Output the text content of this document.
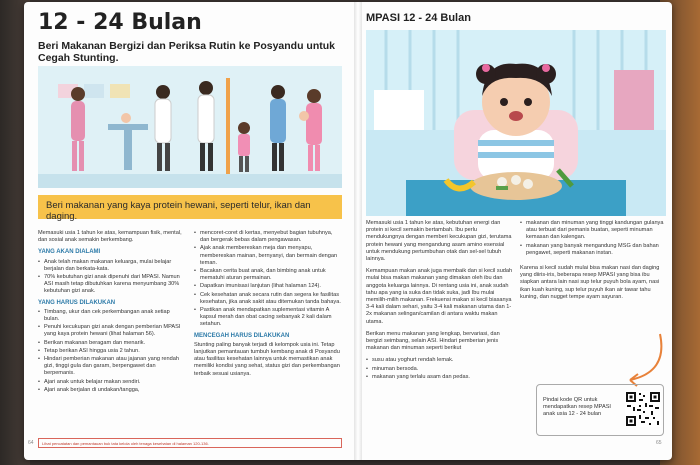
12 - 24 Bulan
Beri Makanan Bergizi dan Periksa Rutin ke Posyandu untuk Cegah Stunting.
Beri makanan yang kaya protein hewani, seperti telur, ikan dan daging.

Memasuki usia 1 tahun ke atas, kemampuan fisik, mental, dan sosial anak semakin berkembang.

YANG AKAN DIALAMI
• Anak telah makan makanan keluarga, mulai belajar berjalan dan berkata-kata.
• 70% kebutuhan gizi anak dipenuhi dari MPASI. Namun ASI masih tetap dibutuhkan karena menyumbang 30% kebutuhan gizi anak.
YANG HARUS DILAKUKAN
• Timbang, ukur dan cek perkembangan anak setiap bulan.
• Penuhi kecukupan gizi anak dengan pemberian MPASI yang kaya protein hewani (lihat halaman 56).
• Berikan makanan beragam dan menarik.
• Tetap berikan ASI hingga usia 2 tahun.
• Hindari pemberian makanan atau jajanan yang rendah gizi, tinggi gula dan garam, berpengawet dan berpemanis.
• Ajari anak untuk belajar makan sendiri.
• Ajari anak berjalan di undakan/tangga,
• mencoret-coret di kertas, menyebut bagian tubuhnya, dan bergerak bebas dalam pengawasan.
• Ajak anak membereskan meja dan menyapu, membereskan mainan, bernyanyi, dan bermain dengan teman.
• Bacakan cerita buat anak, dan bimbing anak untuk mematuhi aturan permainan.
• Dapatkan imunisasi lanjutan (lihat halaman 124).
• Cek kesehatan anak secara rutin dan segera ke fasilitas kesehatan, jika anak sakit atau ditemukan tanda bahaya.
• Pastikan anak mendapatkan suplementasi vitamin A kapsul merah dan obat cacing sebanyak 2 kali dalam setahun.
MENCEGAH HARUS DILAKUKAN

Stunting paling banyak terjadi di kelompok usia ini. Tetap lanjutkan pemantauan tumbuh kembang anak di Posyandu atau fasilitas kesehatan lainnya untuk memastikan anak memiliki kondisi yang sehat, status gizi dan perkembangan terbaik sesuai usianya.

Lihat pencatatan dan pemantauan buk tata kelola oleh tenaga kesehatan di halaman 120-136.
64
MPASI 12 - 24 Bulan

Memasuki usia 1 tahun ke atas, kebutuhan energi dan protein si kecil semakin bertambah. Ibu perlu mendukungnya dengan memberi kecukupan gizi, terutama protein hewani yang mengandung asam amino esensial untuk mendukung pertumbuhan otak dan sel-sel tubuh lainnya.

Kemampuan makan anak juga membaik dan si kecil sudah mulai bisa makan makanan yang dimakan oleh ibu dan anggota keluarga lainnya. Di rentang usia ini, anak sudah tahu apa yang ia suka dan tidak suka, jadi Ibu mulai memilih-milih makanan. Frekuensi makan si kecil biasanya 3-4 kali dalam sehari, yaitu 3-4 kali makanan utama dan 1-2x makanan selingan/camilan di antara waktu makan utama.

Berikan menu makanan yang lengkap, bervariasi, dan bergizi seimbang, selain ASI. Hindari pemberian jenis makanan dan minuman seperti berikut

• susu atau yoghurt rendah lemak.
• minuman bersoda.
• makanan yang terlalu asam dan pedas.
• makanan dan minuman yang tinggi kandungan gulanya atau terbuat dari pemanis buatan, seperti minuman kemasan dan kalengan.
• makanan yang banyak mengandung MSG dan bahan pengawet, seperti makanan instan.

Karena si kecil sudah mulai bisa makan nasi dan daging yang diiris-iris, beberapa resep MPASI yang bisa ibu siapkan antara lain nasi sup telur puyuh bola ayam, nasi ikan kuah kuning, sup telur puyuh ikan air tawar tahu kuning, dan nugget tempe ayam sayuran.

Pindai kode QR untuk mendapatkan resep MPASI anak usia 12 - 24 bulan
65
